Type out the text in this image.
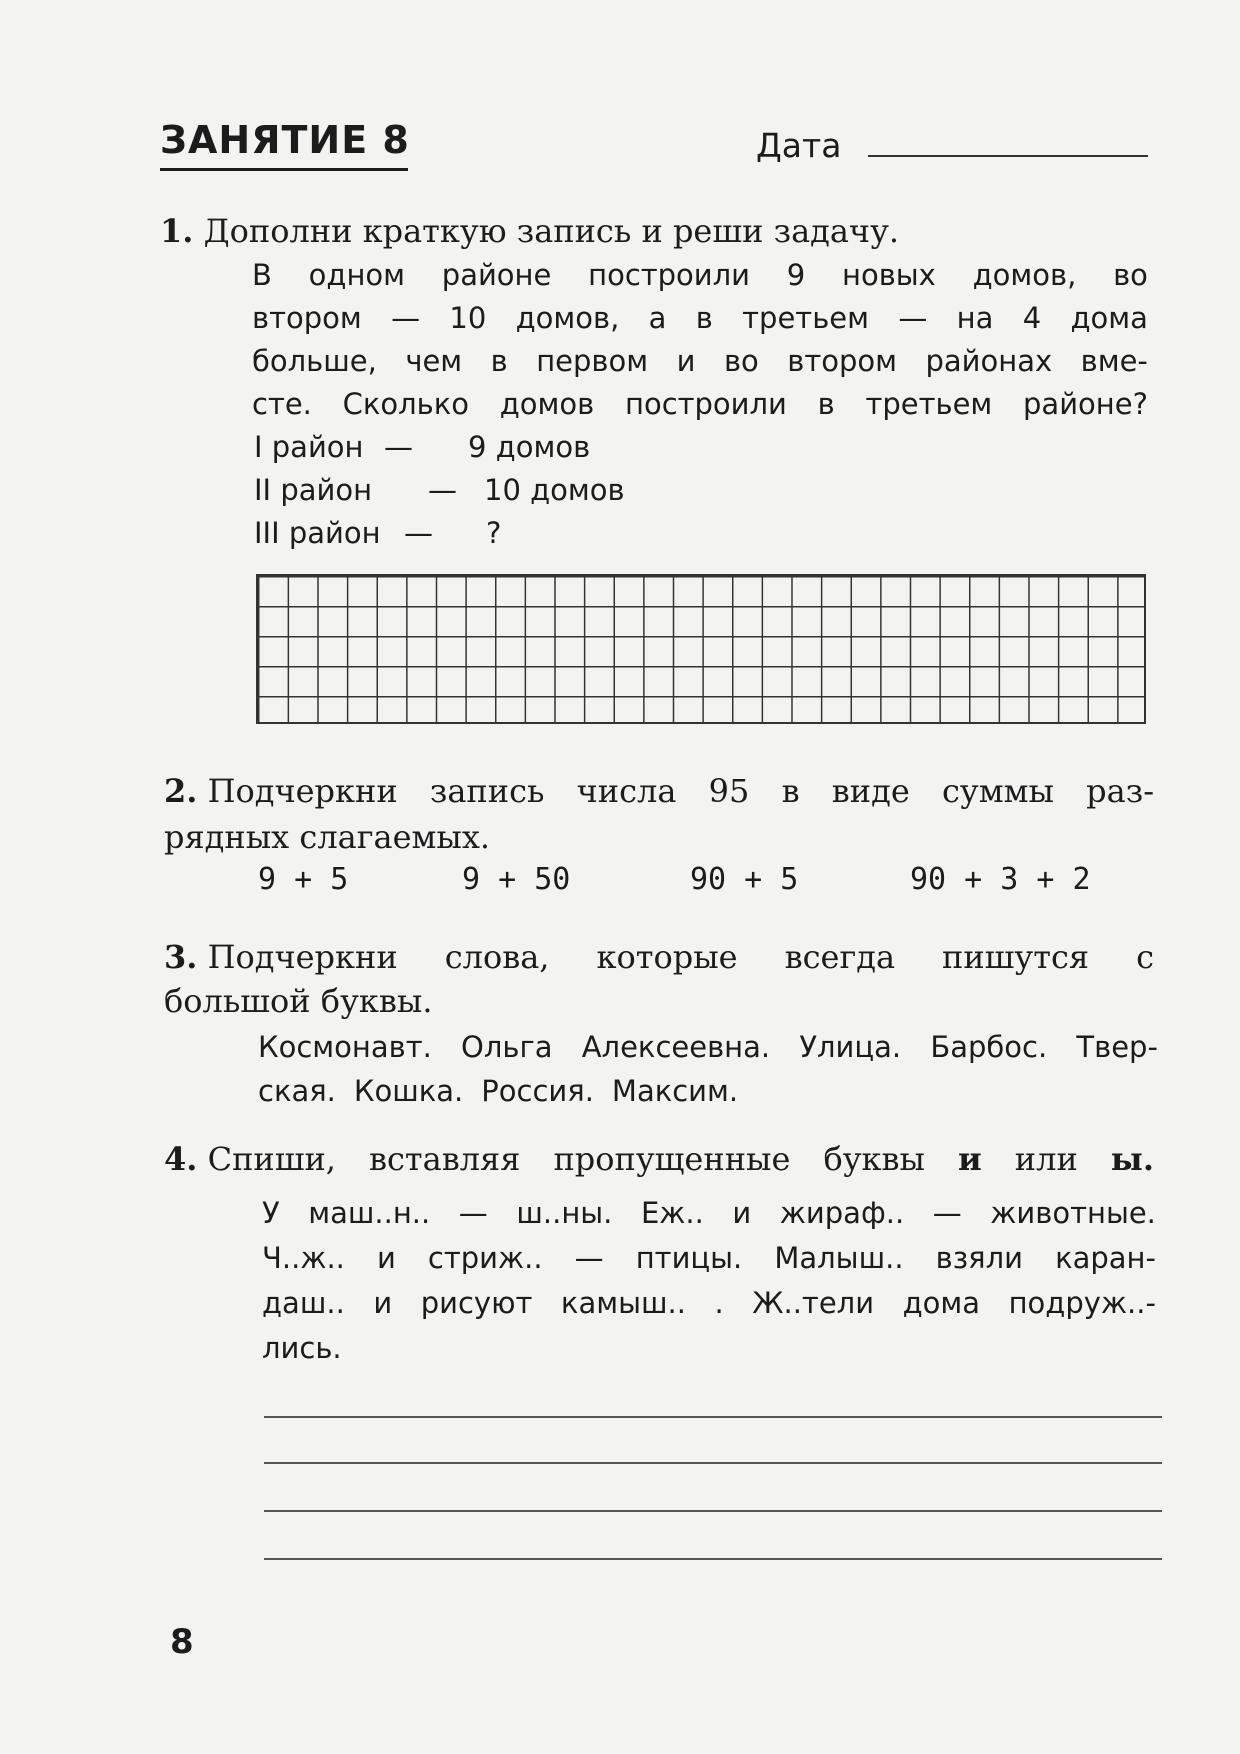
ЗАНЯТИЕ 8	Дата
1. Дополни краткую запись и реши задачу.
В одном районе построили 9 новых домов, во
втором — 10 домов, а в третьем — на 4 дома
больше, чем в первом и во втором районах вме-
сте. Сколько домов построили в третьем районе?
I район — 9 домов
II район — 10 домов
III район — ?
2. Подчеркни запись числа 95 в виде суммы раз-
рядных слагаемых.
9 + 5	9 + 50	90 + 5	90 + 3 + 2
3. Подчеркни слова, которые всегда пишутся с
большой буквы.
Космонавт. Ольга Алексеевна. Улица. Барбос. Твер-
ская. Кошка. Россия. Максим.
4. Спиши, вставляя пропущенные буквы и или ы.
У маш..н.. — ш..ны. Еж.. и жираф.. — животные.
Ч..ж.. и стриж.. — птицы. Малыш.. взяли каран-
даш.. и рисуют камыш.. . Ж..тели дома подруж..-
лись.
8
